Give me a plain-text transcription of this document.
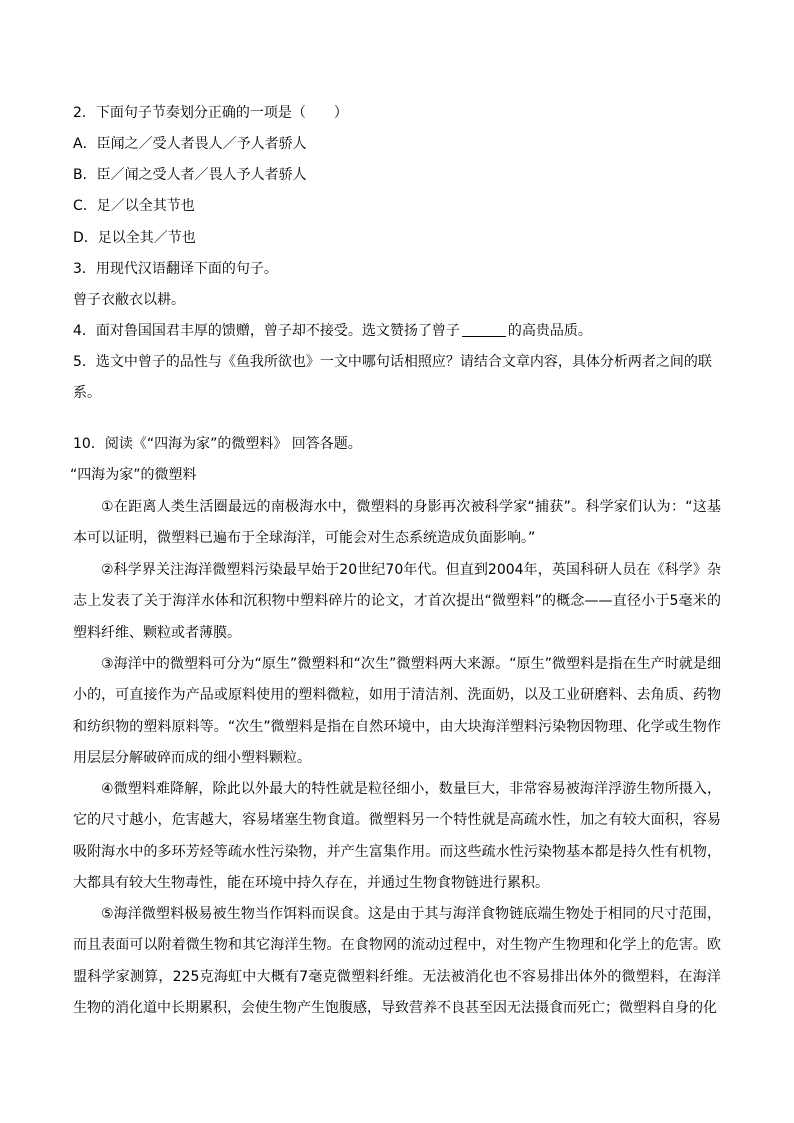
2．下面句子节奏划分正确的一项是（　　）

A．臣闻之／受人者畏人／予人者骄人

B．臣／闻之受人者／畏人予人者骄人

C．足／以全其节也

D．足以全其／节也

3．用现代汉语翻译下面的句子。

曾子衣敝衣以耕。

4．面对鲁国国君丰厚的馈赠，曾子却不接受。选文赞扬了曾子	的高贵品质。

5．选文中曾子的品性与《鱼我所欲也》一文中哪句话相照应？请结合文章内容，具体分析两者之间的联

系。

10．阅读《“四海为家”的微塑料》 回答各题。

“四海为家”的微塑料

①在距离人类生活圈最远的南极海水中，微塑料的身影再次被科学家“捕获”。科学家们认为：“这基本可以证明，微塑料已遍布于全球海洋，可能会对生态系统造成负面影响。”

②科学界关注海洋微塑料污染最早始于20世纪70年代。但直到2004年，英国科研人员在《科学》杂志上发表了关于海洋水体和沉积物中塑料碎片的论文，才首次提出“微塑料”的概念——直径小于5毫米的塑料纤维、颗粒或者薄膜。

③海洋中的微塑料可分为“原生”微塑料和“次生”微塑料两大来源。“原生”微塑料是指在生产时就是细小的，可直接作为产品或原料使用的塑料微粒，如用于清洁剂、洗面奶，以及工业研磨料、去角质、药物和纺织物的塑料原料等。“次生”微塑料是指在自然环境中，由大块海洋塑料污染物因物理、化学或生物作用层层分解破碎而成的细小塑料颗粒。

④微塑料难降解，除此以外最大的特性就是粒径细小，数量巨大，非常容易被海洋浮游生物所摄入，它的尺寸越小，危害越大，容易堵塞生物食道。微塑料另一个特性就是高疏水性，加之有较大面积，容易吸附海水中的多环芳烃等疏水性污染物，并产生富集作用。而这些疏水性污染物基本都是持久性有机物，大都具有较大生物毒性，能在环境中持久存在，并通过生物食物链进行累积。

⑤海洋微塑料极易被生物当作饵料而误食。这是由于其与海洋食物链底端生物处于相同的尺寸范围，而且表面可以附着微生物和其它海洋生物。在食物网的流动过程中，对生物产生物理和化学上的危害。欧盟科学家测算，225克海虹中大概有7毫克微塑料纤维。无法被消化也不容易排出体外的微塑料，在海洋生物的消化道中长期累积，会使生物产生饱腹感，导致营养不良甚至因无法摄食而死亡；微塑料自身的化
